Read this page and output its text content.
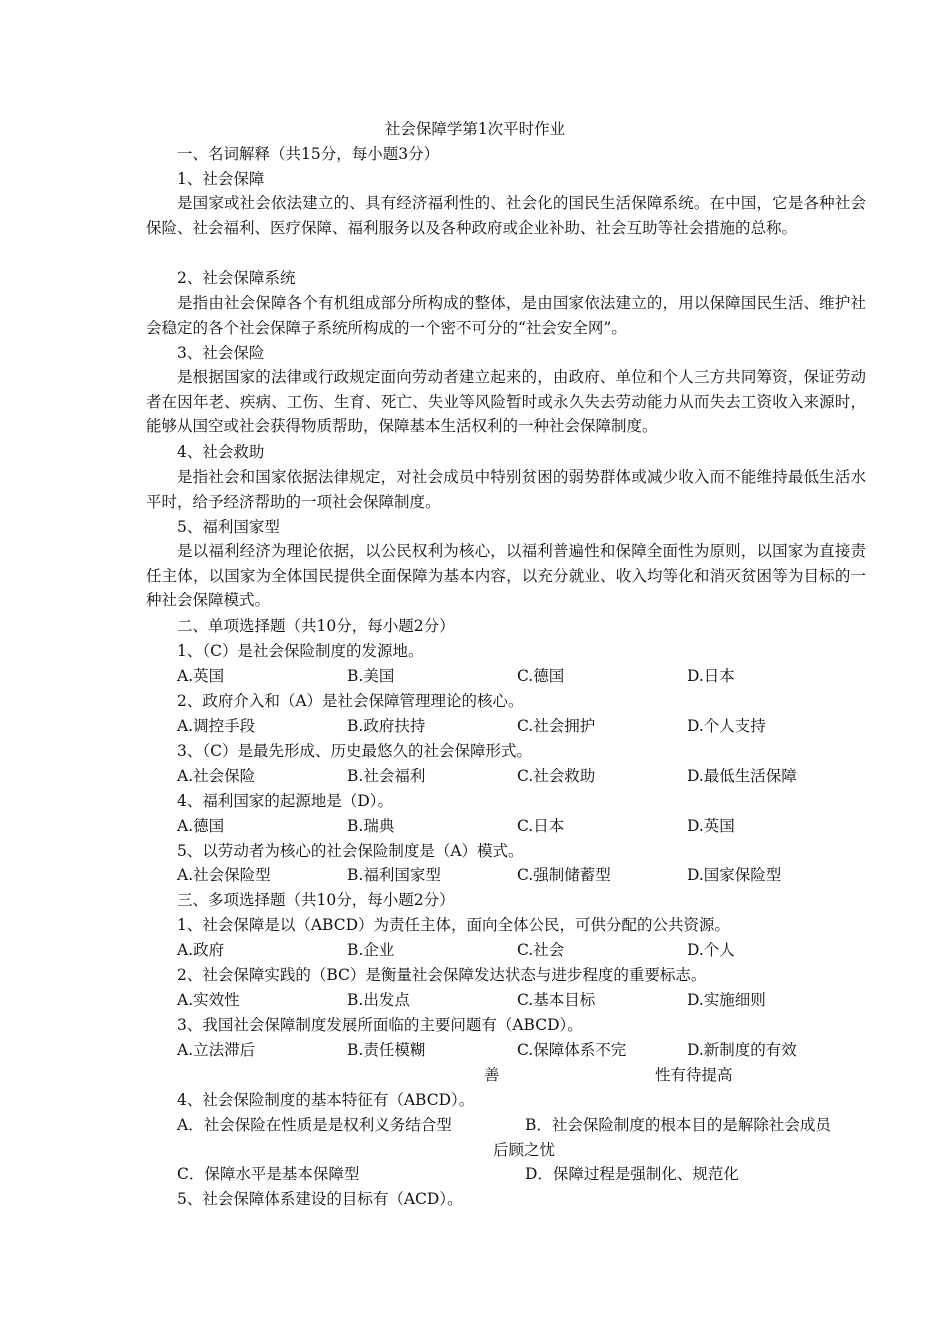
社会保障学第1次平时作业
一、名词解释（共15分，每小题3分）
1、社会保障
是国家或社会依法建立的、具有经济福利性的、社会化的国民生活保障系统。在中国，它是各种社会保险、社会福利、医疗保障、福利服务以及各种政府或企业补助、社会互助等社会措施的总称。
2、社会保障系统
是指由社会保障各个有机组成部分所构成的整体，是由国家依法建立的，用以保障国民生活、维护社会稳定的各个社会保障子系统所构成的一个密不可分的“社会安全网”。
3、社会保险
是根据国家的法律或行政规定面向劳动者建立起来的，由政府、单位和个人三方共同筹资，保证劳动者在因年老、疾病、工伤、生育、死亡、失业等风险暂时或永久失去劳动能力从而失去工资收入来源时，能够从国空或社会获得物质帮助，保障基本生活权利的一种社会保障制度。
4、社会救助
是指社会和国家依据法律规定，对社会成员中特别贫困的弱势群体或减少收入而不能维持最低生活水平时，给予经济帮助的一项社会保障制度。
5、福利国家型
是以福利经济为理论依据，以公民权利为核心，以福利普遍性和保障全面性为原则，以国家为直接责任主体，以国家为全体国民提供全面保障为基本内容，以充分就业、收入均等化和消灭贫困等为目标的一种社会保障模式。
二、单项选择题（共10分，每小题2分）
1、（C）是社会保险制度的发源地。
A.英国	B.美国	C.德国	D.日本
2、政府介入和（A）是社会保障管理理论的核心。
A.调控手段	B.政府扶持	C.社会拥护	D.个人支持
3、（C）是最先形成、历史最悠久的社会保障形式。
A.社会保险	B.社会福利	C.社会救助	D.最低生活保障
4、福利国家的起源地是（D）。
A.德国	B.瑞典	C.日本	D.英国
5、以劳动者为核心的社会保险制度是（A）模式。
A.社会保险型	B.福利国家型	C.强制储蓄型	D.国家保险型
三、多项选择题（共10分，每小题2分）
1、社会保障是以（ABCD）为责任主体，面向全体公民，可供分配的公共资源。
A.政府	B.企业	C.社会	D.个人
2、社会保障实践的（BC）是衡量社会保障发达状态与进步程度的重要标志。
A.实效性	B.出发点	C.基本目标	D.实施细则
3、我国社会保障制度发展所面临的主要问题有（ABCD）。
A.立法滞后	B.责任模糊	C.保障体系不完	D.新制度的有效
善	性有待提高
4、社会保险制度的基本特征有（ABCD）。
A．社会保险在性质是是权利义务结合型	B．社会保险制度的根本目的是解除社会成员
后顾之忧
C．保障水平是基本保障型	D．保障过程是强制化、规范化
5、社会保障体系建设的目标有（ACD）。
